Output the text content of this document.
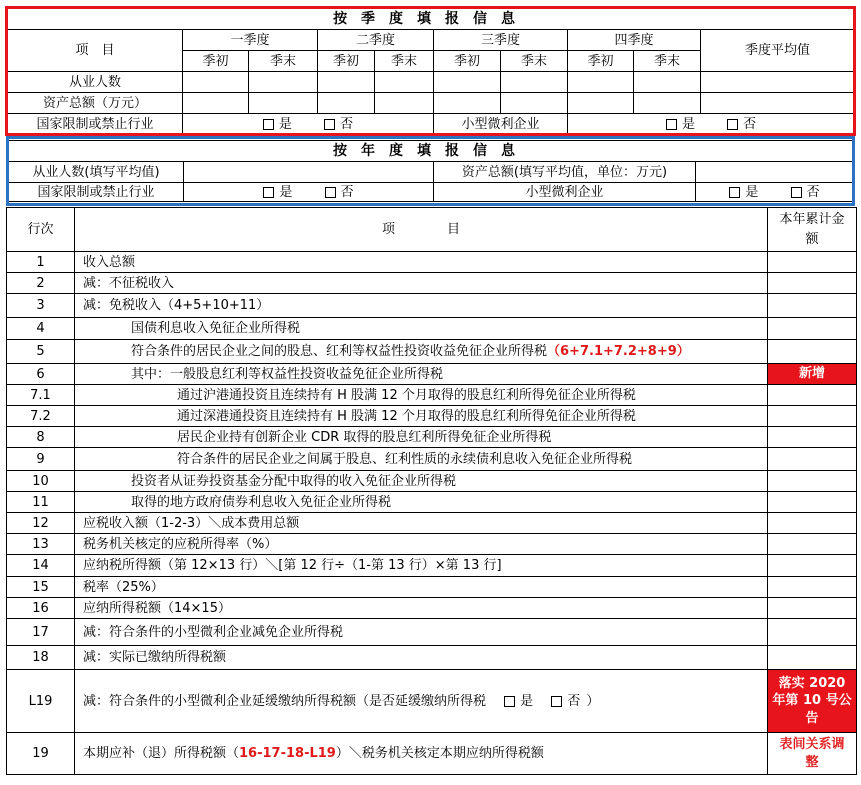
按季度填报信息									
项　目	一季度		二季度		三季度		四季度		季度平均值
	季初	季末	季初	季末	季初	季末	季初	季末	
从业人数									
资产总额（万元）									
国家限制或禁止行业	是 否				小型微利企业		是 否		
按年度填报信息			
从业人数(填写平均值)		资产总额(填写平均值，单位：万元)	
国家限制或禁止行业	是 否	小型微利企业	是 否
行次	项　　　　目	本年累计金额
1	收入总额	
2	减：不征税收入	
3	减：免税收入（4+5+10+11）	
4	国债利息收入免征企业所得税	
5	符合条件的居民企业之间的股息、红利等权益性投资收益免征企业所得税（6+7.1+7.2+8+9）	
6	其中：一般股息红利等权益性投资收益免征企业所得税	新增
7.1	通过沪港通投资且连续持有 H 股满 12 个月取得的股息红利所得免征企业所得税	
7.2	通过深港通投资且连续持有 H 股满 12 个月取得的股息红利所得免征企业所得税	
8	居民企业持有创新企业 CDR 取得的股息红利所得免征企业所得税	
9	符合条件的居民企业之间属于股息、红利性质的永续债利息收入免征企业所得税	
10	投资者从证券投资基金分配中取得的收入免征企业所得税	
11	取得的地方政府债券利息收入免征企业所得税	
12	应税收入额（1-2-3）＼成本费用总额	
13	税务机关核定的应税所得率（%）	
14	应纳税所得额（第 12×13 行）＼[第 12 行÷（1-第 13 行）×第 13 行]	
15	税率（25%）	
16	应纳所得税额（14×15）	
17	减：符合条件的小型微利企业减免企业所得税	
18	减：实际已缴纳所得税额	
L19	减：符合条件的小型微利企业延缓缴纳所得税额（是否延缓缴纳所得税 是 否 ）	落实 2020 年第 10 号公告
19	本期应补（退）所得税额（16-17-18-L19）＼税务机关核定本期应纳所得税额	表间关系调整
